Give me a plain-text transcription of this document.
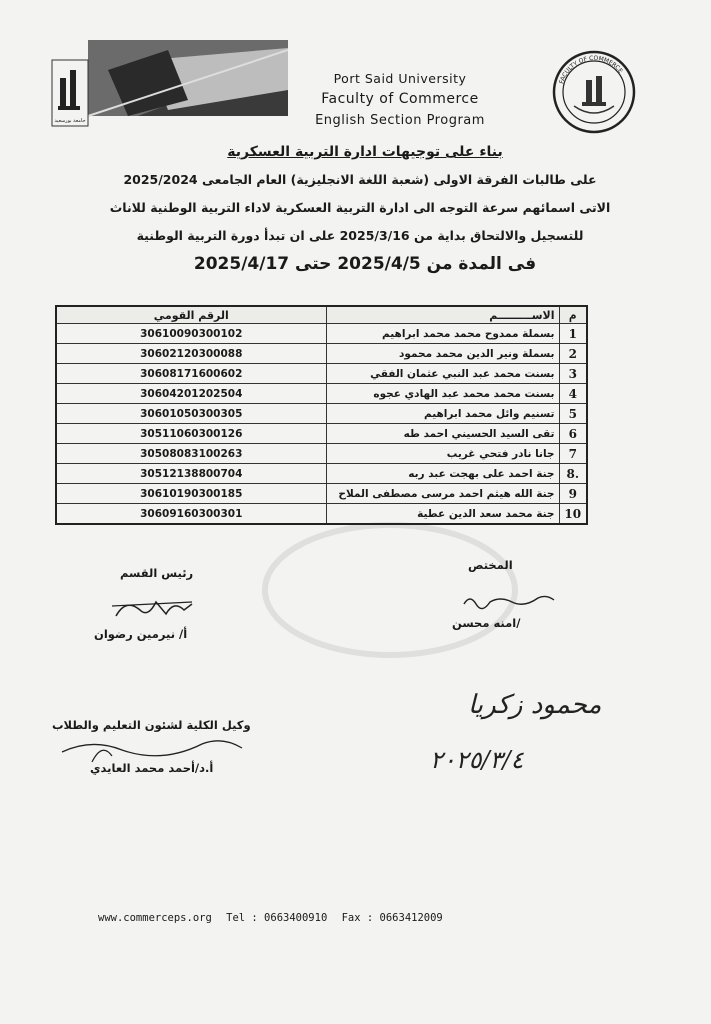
جامعة بورسعيد
FACULTY OF COMMERCE
Port Said University
Faculty of Commerce
English Section Program
بناء على توجيهات ادارة التربية العسكرية
على طالبات الفرقة الاولى (شعبة اللغة الانجليزية) العام الجامعى 2025/2024
الاتى اسمائهم سرعة التوجه الى ادارة التربية العسكرية لاداء التربية الوطنية للاناث
للتسجيل والالتحاق بداية من 2025/3/16 على ان تبدأ دورة التربية الوطنية
فى المدة من 2025/4/5 حتى 2025/4/17
الرقم القومي	الاســـــــــم	م
30610090300102	بسملة ممدوح محمد محمد ابراهيم	1
30602120300088	بسملة ونير الدين محمد محمود	2
30608171600602	بسنت محمد عبد النبي عثمان الفقي	3
30604201202504	بسنت محمد محمد عبد الهادي عجوه	4
30601050300305	تسنيم وائل محمد ابراهيم	5
30511060300126	تقى السيد الحسيني احمد طه	6
30508083100263	جانا نادر فتحي غريب	7
30512138800704	جنة احمد على بهجت عبد ربه	8.
30610190300185	جنة الله هيثم احمد مرسى مصطفى الملاح	9
30609160300301	جنة محمد سعد الدين عطية	10
المختص
رئيس القسم
/امنه محسن
أ/ نيرمين رضوان
وكيل الكلية لشئون التعليم والطلاب
أ.د/أحمد محمد العايدي
محمود زكريا
٢٠٢٥/٣/٤
www.commerceps.org Tel : 0663400910 Fax : 0663412009
